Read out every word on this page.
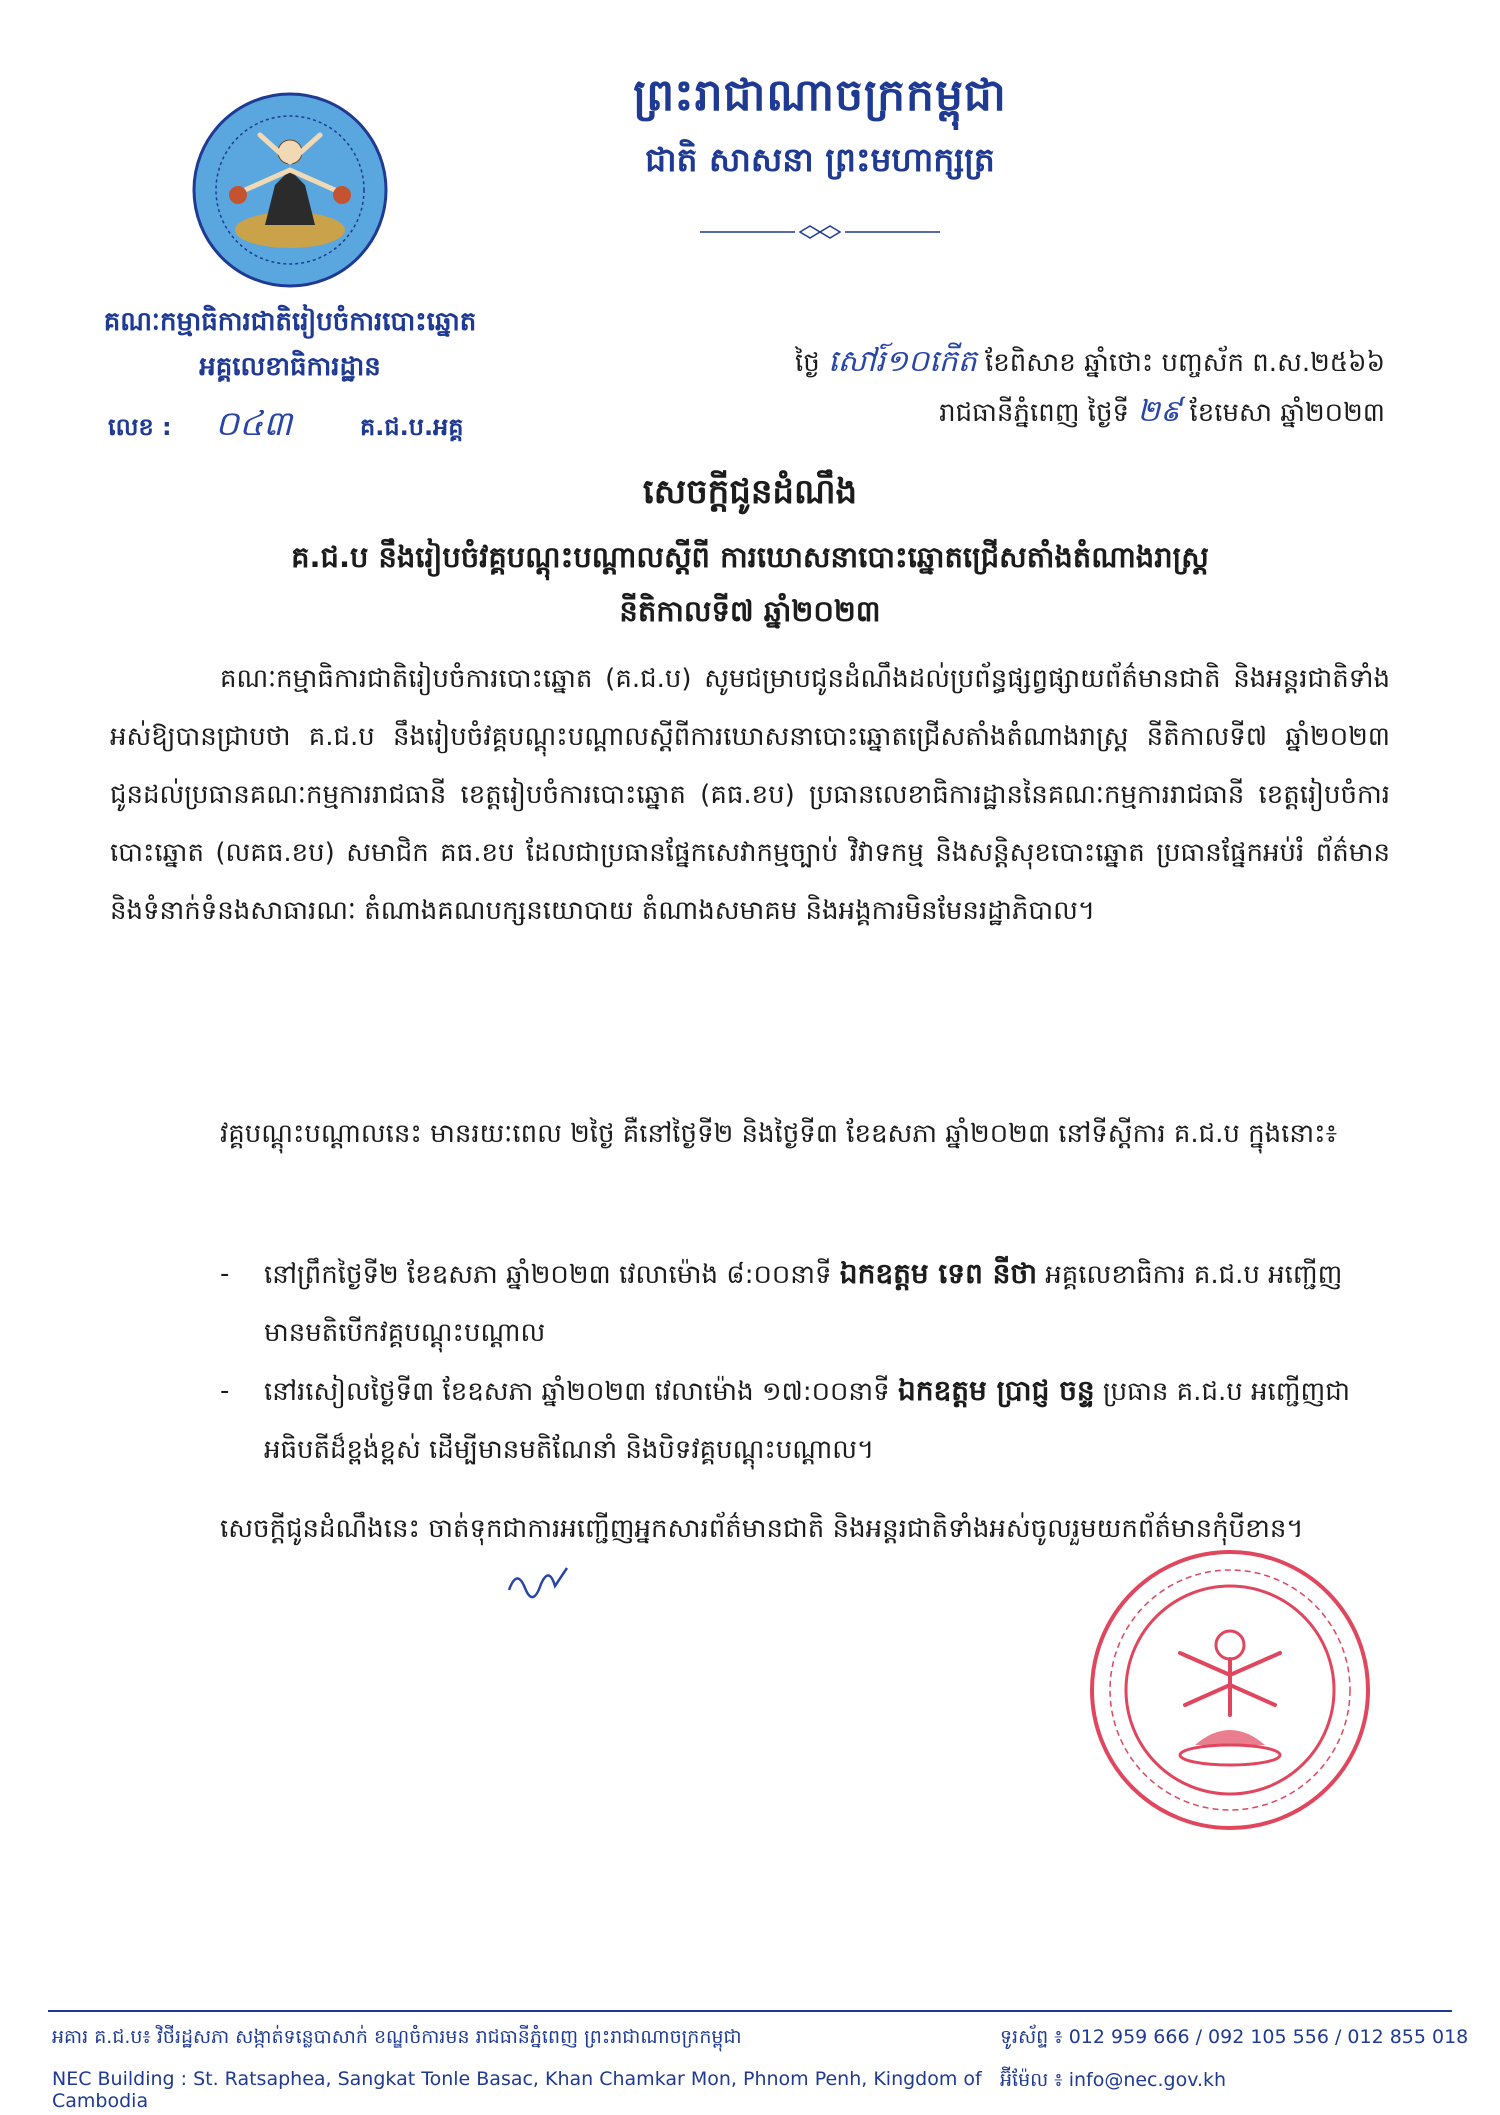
ព្រះរាជាណាចក្រកម្ពុជា
ជាតិ សាសនា ព្រះមហាក្សត្រ
គណៈកម្មាធិការជាតិរៀបចំការបោះឆ្នោត
អគ្គលេខាធិការដ្ឋាន
លេខ : ០៤៣	គ.ជ.ប.អគ្គ
ថ្ងៃ សៅរ៍១០កើត ខែពិសាខ ឆ្នាំថោះ បញ្ចស័ក ព.ស.២៥៦៦
រាជធានីភ្នំពេញ ថ្ងៃទី ២៩ ខែមេសា ឆ្នាំ២០២៣
សេចក្ដីជូនដំណឹង
គ.ជ.ប នឹងរៀបចំវគ្គបណ្ដុះបណ្ដាលស្ដីពី ការឃោសនាបោះឆ្នោតជ្រើសតាំងតំណាងរាស្ត្រ
នីតិកាលទី៧ ឆ្នាំ២០២៣
គណៈកម្មាធិការជាតិរៀបចំការបោះឆ្នោត (គ.ជ.ប) សូមជម្រាបជូនដំណឹងដល់ប្រព័ន្ធផ្សព្វផ្សាយព័ត៌មានជាតិ និងអន្តរជាតិទាំងអស់ឱ្យបានជ្រាបថា គ.ជ.ប នឹងរៀបចំវគ្គបណ្ដុះបណ្ដាលស្ដីពីការឃោសនាបោះឆ្នោតជ្រើសតាំងតំណាងរាស្ត្រ នីតិកាលទី៧ ឆ្នាំ២០២៣ ជូនដល់ប្រធានគណៈកម្មការរាជធានី ខេត្តរៀបចំការបោះឆ្នោត (គធ.ខប) ប្រធានលេខាធិការដ្ឋាននៃគណៈកម្មការរាជធានី ខេត្តរៀបចំការបោះឆ្នោត (លគធ.ខប) សមាជិក គធ.ខប ដែលជាប្រធានផ្នែកសេវាកម្មច្បាប់ វិវាទកម្ម និងសន្តិសុខបោះឆ្នោត ប្រធានផ្នែកអប់រំ ព័ត៌មាន និងទំនាក់ទំនងសាធារណៈ តំណាងគណបក្សនយោបាយ តំណាងសមាគម និងអង្គការមិនមែនរដ្ឋាភិបាល។
វគ្គបណ្ដុះបណ្ដាលនេះ មានរយៈពេល ២ថ្ងៃ គឺនៅថ្ងៃទី២ និងថ្ងៃទី៣ ខែឧសភា ឆ្នាំ២០២៣ នៅទីស្ដីការ គ.ជ.ប ក្នុងនោះ៖
- នៅព្រឹកថ្ងៃទី២ ខែឧសភា ឆ្នាំ២០២៣ វេលាម៉ោង ៨:០០នាទី ឯកឧត្តម ទេព នីថា អគ្គលេខាធិការ គ.ជ.ប អញ្ជើញមានមតិបើកវគ្គបណ្ដុះបណ្ដាល
- នៅរសៀលថ្ងៃទី៣ ខែឧសភា ឆ្នាំ២០២៣ វេលាម៉ោង ១៧:០០នាទី ឯកឧត្តម ប្រាជ្ញ ចន្ទ ប្រធាន គ.ជ.ប អញ្ជើញជាអធិបតីដ៏ខ្ពង់ខ្ពស់ ដើម្បីមានមតិណែនាំ និងបិទវគ្គបណ្ដុះបណ្ដាល។
សេចក្ដីជូនដំណឹងនេះ ចាត់ទុកជាការអញ្ជើញអ្នកសារព័ត៌មានជាតិ និងអន្តរជាតិទាំងអស់ចូលរួមយកព័ត៌មានកុំបីខាន។
អគារ គ.ជ.ប៖ វិថីរដ្ឋសភា សង្កាត់ទន្លេបាសាក់ ខណ្ឌចំការមន រាជធានីភ្នំពេញ ព្រះរាជាណាចក្រកម្ពុជា
NEC Building : St. Ratsaphea, Sangkat Tonle Basac, Khan Chamkar Mon, Phnom Penh, Kingdom of Cambodia
ទូរស័ព្ទ ៖ 012 959 666 / 092 105 556 / 012 855 018
អ៊ីម៉ែល ៖ info@nec.gov.kh
